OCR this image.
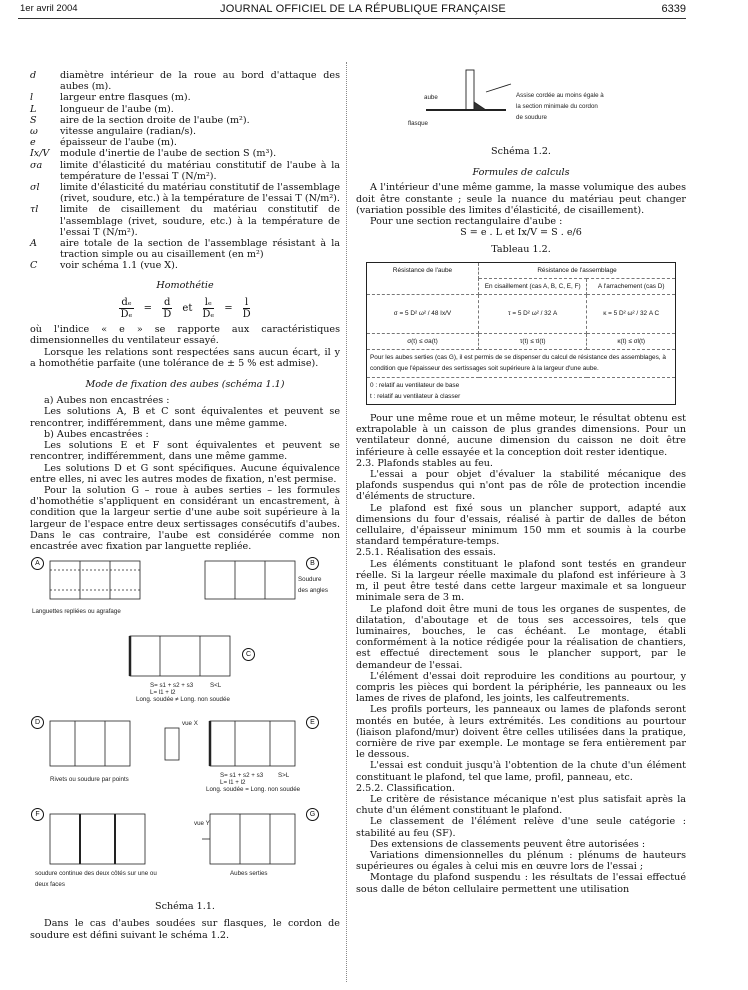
1er avril 2004	JOURNAL OFFICIEL DE LA RÉPUBLIQUE FRANÇAISE	6339
d	diamètre intérieur de la roue au bord d'attaque des aubes (m).
l	largeur entre flasques (m).
L	longueur de l'aube (m).
S	aire de la section droite de l'aube (m²).
ω	vitesse angulaire (radian/s).
e	épaisseur de l'aube (m).
Ix/V	module d'inertie de l'aube de section S (m³).
σa	limite d'élasticité du matériau constitutif de l'aube à la température de l'essai T (N/m²).
σl	limite d'élasticité du matériau constitutif de l'assemblage (rivet, soudure, etc.) à la température de l'essai T (N/m²).
τl	limite de cisaillement du matériau constitutif de l'assemblage (rivet, soudure, etc.) à la température de l'essai T (N/m²).
A	aire totale de la section de l'assemblage résistant à la traction simple ou au cisaillement (en m²)
C	voir schéma 1.1 (vue X).

Homothétie

$\frac{\text{dₑ}}{\text{Dₑ}} = \frac{d}{D}$ et $\frac{\text{lₑ}}{\text{Dₑ}} = \frac{l}{D}$

où l'indice « e » se rapporte aux caractéristiques dimensionnelles du ventilateur essayé.

Lorsque les relations sont respectées sans aucun écart, il y a homothétie parfaite (une tolérance de ± 5 % est admise).

Mode de fixation des aubes (schéma 1.1)

a) Aubes non encastrées :

Les solutions A, B et C sont équivalentes et peuvent se rencontrer, indifféremment, dans une même gamme.

b) Aubes encastrées :

Les solutions E et F sont équivalentes et peuvent se rencontrer, indifféremment, dans une même gamme.

Les solutions D et G sont spécifiques. Aucune équivalence entre elles, ni avec les autres modes de fixation, n'est permise.

Pour la solution G – roue à aubes serties – les formules d'homothétie s'appliquent en considérant un encastrement, à condition que la largeur sertie d'une aube soit supérieure à la largeur de l'espace entre deux sertissages consécutifs d'aubes. Dans le cas contraire, l'aube est considérée comme non encastrée avec fixation par languette repliée.

A	B
C
D	E
F	G
Languettes repliées ou agrafage
Soudure des angles
S= s1 + s2 + s3	S<L
L= l1 + l2
Long. soudée ≠ Long. non soudée
vue X
Rivets ou soudure par points
S= s1 + s2 + s3 S>L
L= l1 + l2
Long. soudée = Long. non soudée
soudure continue des deux côtés sur une ou deux faces
vue Y
Aubes serties

Schéma 1.1.

Dans le cas d'aubes soudées sur flasques, le cordon de soudure est défini suivant le schéma 1.2.

aube
flasque
Assise cordée au moins égale à la section minimale du cordon de soudure

Schéma 1.2.

Formules de calculs

A l'intérieur d'une même gamme, la masse volumique des aubes doit être constante ; seule la nuance du matériau peut changer (variation possible des limites d'élasticité, de cisaillement).

Pour une section rectangulaire d'aube :

S = e . L et Ix/V = S . e/6

Tableau 1.2.

Résistance de l'aube	Résistance de l'assemblage	
	En cisaillement (cas A, B, C, E, F)	A l'arrachement (cas D)
σ = 5 D² ω² / 48 Ix/V	τ = 5 D² ω² / 32 A	κ = 5 D² ω² / 32 A C
σ(t) ≤ σa(t)	τ(t) ≤ τl(t)	κ(t) ≤ σl(t)
Pour les aubes serties (cas G), il est permis de se dispenser du calcul de résistance des assemblages, à condition que l'épaisseur des sertissages soit supérieure à la largeur d'une aube.		

0 : relatif au ventilateur de base
t : relatif au ventilateur à classer		

Pour une même roue et un même moteur, le résultat obtenu est extrapolable à un caisson de plus grandes dimensions. Pour un ventilateur donné, aucune dimension du caisson ne doit être inférieure à celle essayée et la conception doit rester identique.

2.3. Plafonds stables au feu.

L'essai a pour objet d'évaluer la stabilité mécanique des plafonds suspendus qui n'ont pas de rôle de protection incendie d'éléments de structure.

Le plafond est fixé sous un plancher support, adapté aux dimensions du four d'essais, réalisé à partir de dalles de béton cellulaire, d'épaisseur minimum 150 mm et soumis à la courbe standard température-temps.

2.5.1. Réalisation des essais.

Les éléments constituant le plafond sont testés en grandeur réelle. Si la largeur réelle maximale du plafond est inférieure à 3 m, il peut être testé dans cette largeur maximale et sa longueur minimale sera de 3 m.

Le plafond doit être muni de tous les organes de suspentes, de dilatation, d'aboutage et de tous ses accessoires, tels que luminaires, bouches, le cas échéant. Le montage, établi conformément à la notice rédigée pour la réalisation de chantiers, est effectué directement sous le plancher support, par le demandeur de l'essai.

L'élément d'essai doit reproduire les conditions au pourtour, y compris les pièces qui bordent la périphérie, les panneaux ou les lames de rives de plafond, les joints, les calfeutrements.

Les profils porteurs, les panneaux ou lames de plafonds seront montés en butée, à leurs extrémités. Les conditions au pourtour (liaison plafond/mur) doivent être celles utilisées dans la pratique, cornière de rive par exemple. Le montage se fera entièrement par le dessous.

L'essai est conduit jusqu'à l'obtention de la chute d'un élément constituant le plafond, tel que lame, profil, panneau, etc.

2.5.2. Classification.

Le critère de résistance mécanique n'est plus satisfait après la chute d'un élément constituant le plafond.

Le classement de l'élément relève d'une seule catégorie : stabilité au feu (SF).

Des extensions de classements peuvent être autorisées :

Variations dimensionnelles du plénum : plénums de hauteurs supérieures ou égales à celui mis en œuvre lors de l'essai ;

Montage du plafond suspendu : les résultats de l'essai effectué sous dalle de béton cellulaire permettent une utilisation
